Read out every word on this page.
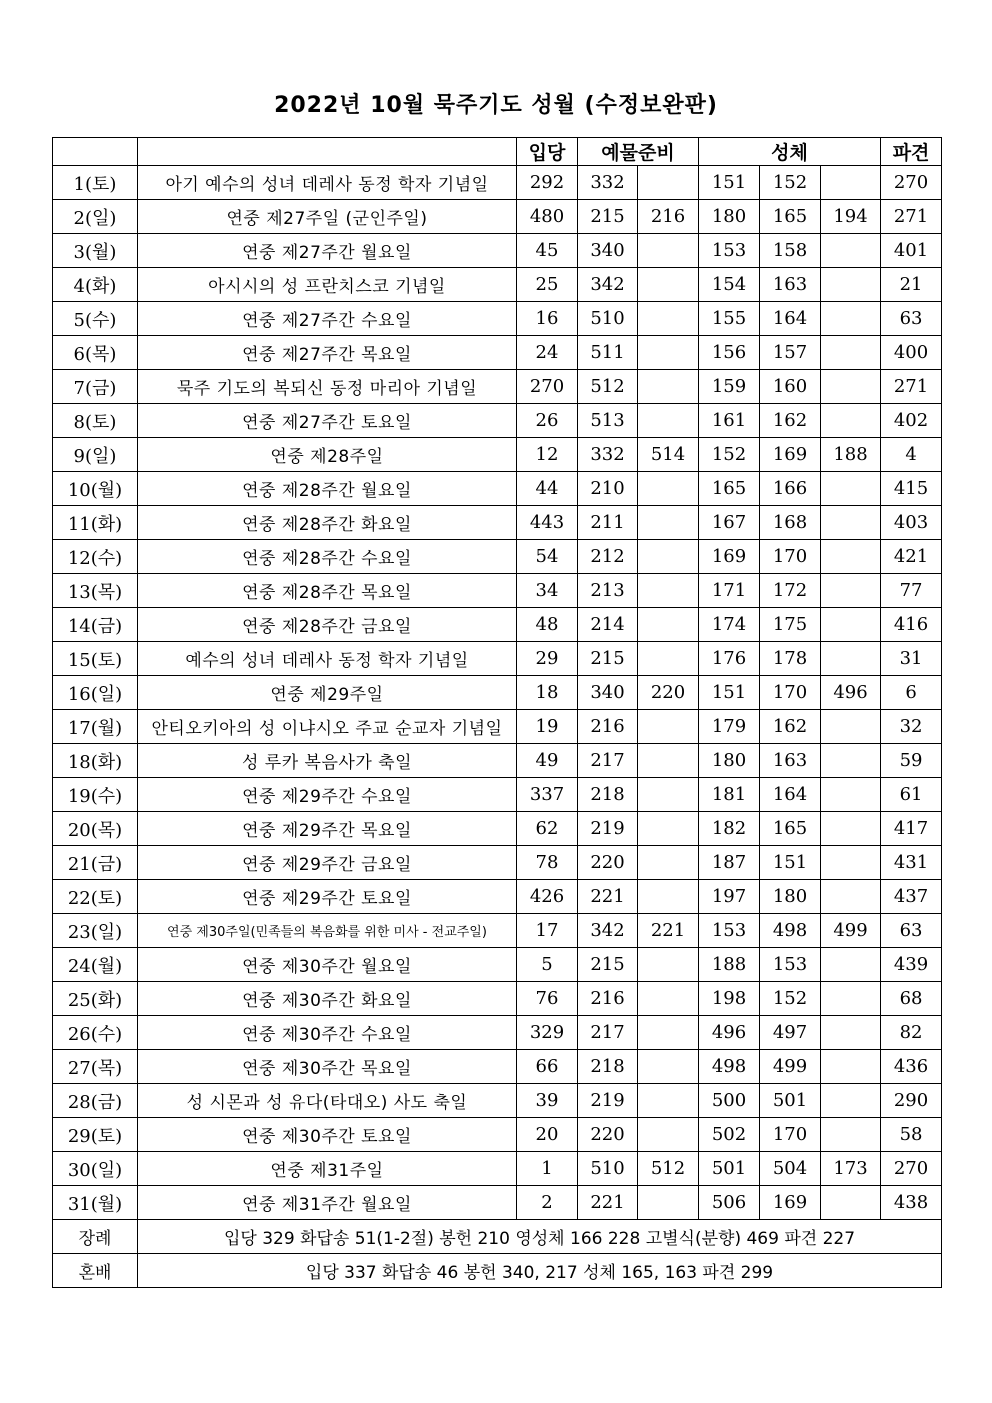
2022년 10월 묵주기도 성월 (수정보완판)
		입당	예물준비		성체			파견
1(토)	아기 예수의 성녀 데레사 동정 학자 기념일	292	332		151	152		270
2(일)	연중 제27주일 (군인주일)	480	215	216	180	165	194	271
3(월)	연중 제27주간 월요일	45	340		153	158		401
4(화)	아시시의 성 프란치스코 기념일	25	342		154	163		21
5(수)	연중 제27주간 수요일	16	510		155	164		63
6(목)	연중 제27주간 목요일	24	511		156	157		400
7(금)	묵주 기도의 복되신 동정 마리아 기념일	270	512		159	160		271
8(토)	연중 제27주간 토요일	26	513		161	162		402
9(일)	연중 제28주일	12	332	514	152	169	188	4
10(월)	연중 제28주간 월요일	44	210		165	166		415
11(화)	연중 제28주간 화요일	443	211		167	168		403
12(수)	연중 제28주간 수요일	54	212		169	170		421
13(목)	연중 제28주간 목요일	34	213		171	172		77
14(금)	연중 제28주간 금요일	48	214		174	175		416
15(토)	예수의 성녀 데레사 동정 학자 기념일	29	215		176	178		31
16(일)	연중 제29주일	18	340	220	151	170	496	6
17(월)	안티오키아의 성 이냐시오 주교 순교자 기념일	19	216		179	162		32
18(화)	성 루카 복음사가 축일	49	217		180	163		59
19(수)	연중 제29주간 수요일	337	218		181	164		61
20(목)	연중 제29주간 목요일	62	219		182	165		417
21(금)	연중 제29주간 금요일	78	220		187	151		431
22(토)	연중 제29주간 토요일	426	221		197	180		437
23(일)	연중 제30주일(민족들의 복음화를 위한 미사 - 전교주일)	17	342	221	153	498	499	63
24(월)	연중 제30주간 월요일	5	215		188	153		439
25(화)	연중 제30주간 화요일	76	216		198	152		68
26(수)	연중 제30주간 수요일	329	217		496	497		82
27(목)	연중 제30주간 목요일	66	218		498	499		436
28(금)	성 시몬과 성 유다(타대오) 사도 축일	39	219		500	501		290
29(토)	연중 제30주간 토요일	20	220		502	170		58
30(일)	연중 제31주일	1	510	512	501	504	173	270
31(월)	연중 제31주간 월요일	2	221		506	169		438
장례	입당 329 화답송 51(1-2절) 봉헌 210 영성체 166 228 고별식(분향) 469 파견 227							
혼배	입당 337 화답송 46 봉헌 340, 217 성체 165, 163 파견 299							
